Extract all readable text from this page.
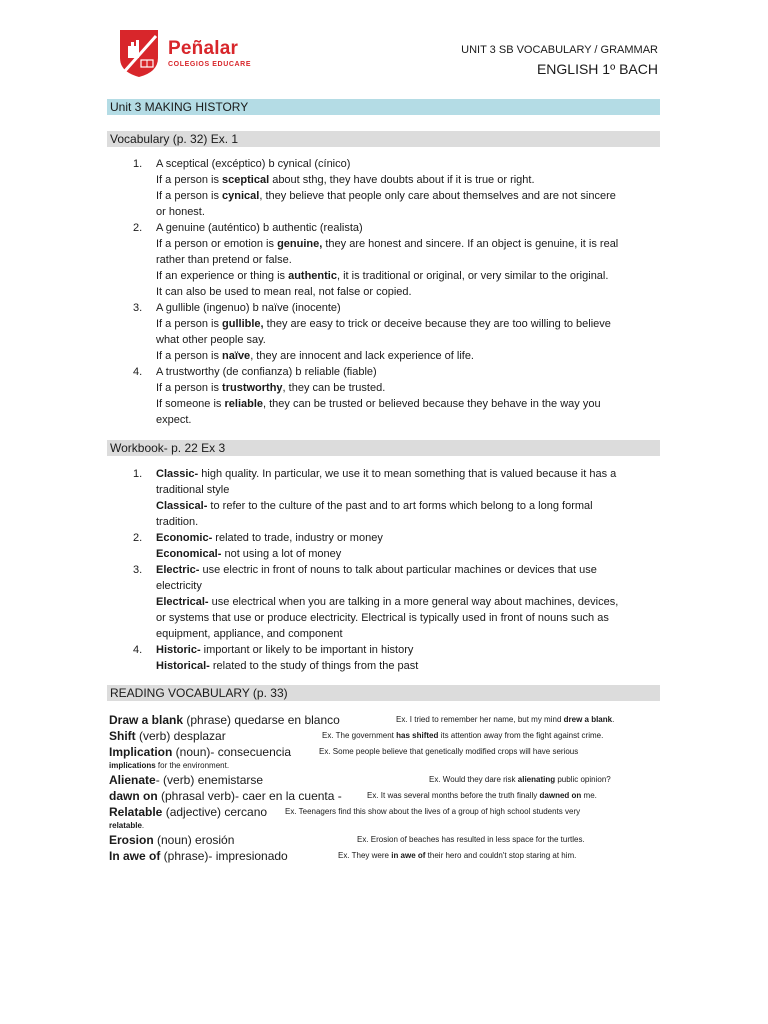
Peñalar
COLEGIOS EDUCARE
UNIT 3 SB VOCABULARY / GRAMMAR
ENGLISH 1º BACH
Unit 3 MAKING HISTORY
Vocabulary (p. 32) Ex. 1
1. A sceptical (excéptico) b cynical (cínico)
If a person is sceptical about sthg, they have doubts about if it is true or right.
If a person is cynical, they believe that people only care about themselves and are not sincere
or honest.
2. A genuine (auténtico) b authentic (realista)
If a person or emotion is genuine, they are honest and sincere. If an object is genuine, it is real
rather than pretend or false.
If an experience or thing is authentic, it is traditional or original, or very similar to the original.
It can also be used to mean real, not false or copied.
3. A gullible (ingenuo) b naïve (inocente)
If a person is gullible, they are easy to trick or deceive because they are too willing to believe
what other people say.
If a person is naïve, they are innocent and lack experience of life.
4. A trustworthy (de confianza) b reliable (fiable)
If a person is trustworthy, they can be trusted.
If someone is reliable, they can be trusted or believed because they behave in the way you
expect.
Workbook- p. 22 Ex 3
1. Classic- high quality. In particular, we use it to mean something that is valued because it has a
traditional style
Classical- to refer to the culture of the past and to art forms which belong to a long formal
tradition.
2. Economic- related to trade, industry or money
Economical- not using a lot of money
3. Electric- use electric in front of nouns to talk about particular machines or devices that use
electricity
Electrical- use electrical when you are talking in a more general way about machines, devices,
or systems that use or produce electricity. Electrical is typically used in front of nouns such as
equipment, appliance, and component
4. Historic- important or likely to be important in history
Historical- related to the study of things from the past
READING VOCABULARY (p. 33)
Draw a blank (phrase) quedarse en blanco	Ex. I tried to remember her name, but my mind drew a blank.
Shift (verb) desplazar	Ex. The government has shifted its attention away from the fight against crime.
Implication (noun)- consecuencia	Ex. Some people believe that genetically modified crops will have serious
implications for the environment.
Alienate- (verb) enemistarse	Ex. Would they dare risk alienating public opinion?
dawn on (phrasal verb)- caer en la cuenta -	Ex. It was several months before the truth finally dawned on me.
Relatable (adjective) cercano Ex. Teenagers find this show about the lives of a group of high school students very
relatable.
Erosion (noun) erosión	Ex. Erosion of beaches has resulted in less space for the turtles.
In awe of (phrase)- impresionado	Ex. They were in awe of their hero and couldn't stop staring at him.
